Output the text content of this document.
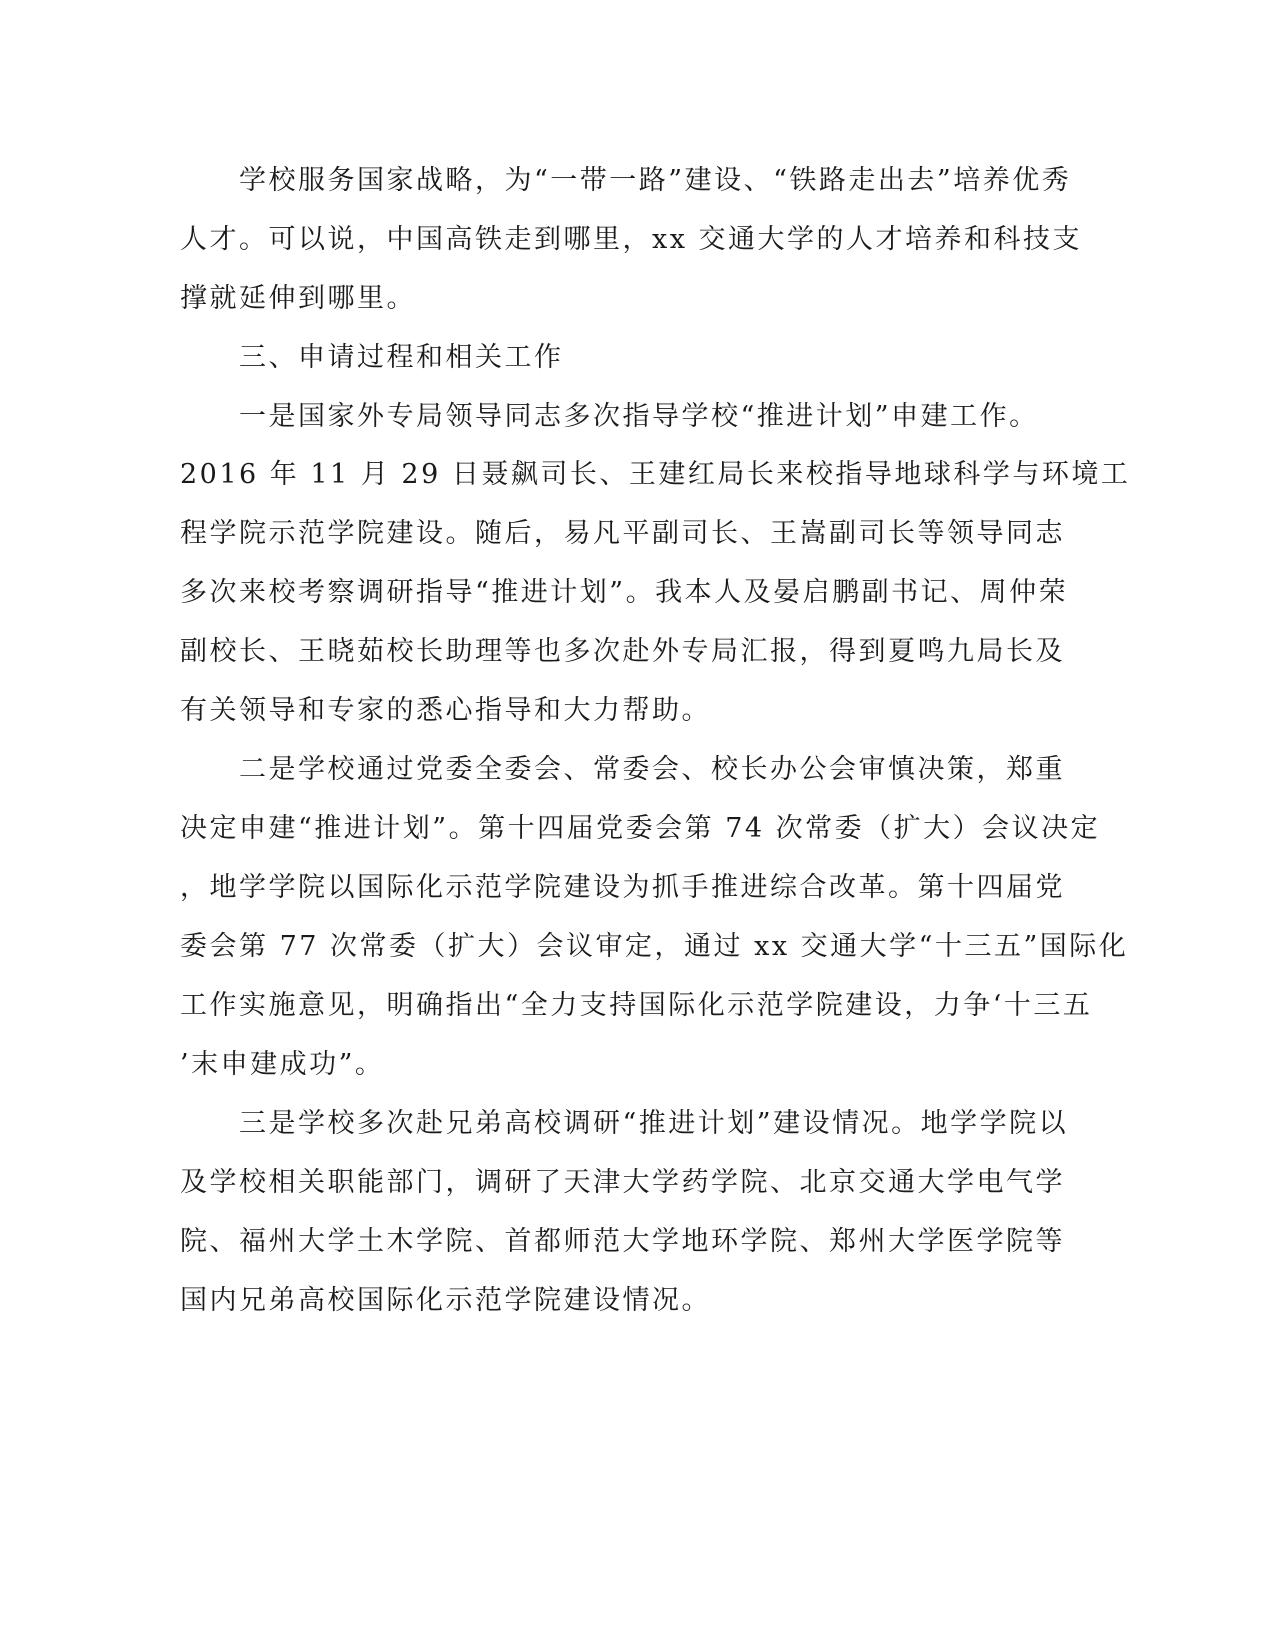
　　学校服务国家战略，为“一带一路”建设、“铁路走出去”培养优秀

人才。可以说，中国高铁走到哪里，xx 交通大学的人才培养和科技支

撑就延伸到哪里。

　　三、申请过程和相关工作

　　一是国家外专局领导同志多次指导学校“推进计划”申建工作。

2016 年 11 月 29 日聂飙司长、王建红局长来校指导地球科学与环境工

程学院示范学院建设。随后，易凡平副司长、王嵩副司长等领导同志

多次来校考察调研指导“推进计划”。我本人及晏启鹏副书记、周仲荣

副校长、王晓茹校长助理等也多次赴外专局汇报，得到夏鸣九局长及

有关领导和专家的悉心指导和大力帮助。

　　二是学校通过党委全委会、常委会、校长办公会审慎决策，郑重

决定申建“推进计划”。第十四届党委会第 74 次常委（扩大）会议决定

，地学学院以国际化示范学院建设为抓手推进综合改革。第十四届党

委会第 77 次常委（扩大）会议审定，通过 xx 交通大学“十三五”国际化

工作实施意见，明确指出“全力支持国际化示范学院建设，力争‘十三五

’末申建成功”。

　　三是学校多次赴兄弟高校调研“推进计划”建设情况。地学学院以

及学校相关职能部门，调研了天津大学药学院、北京交通大学电气学

院、福州大学土木学院、首都师范大学地环学院、郑州大学医学院等

国内兄弟高校国际化示范学院建设情况。
